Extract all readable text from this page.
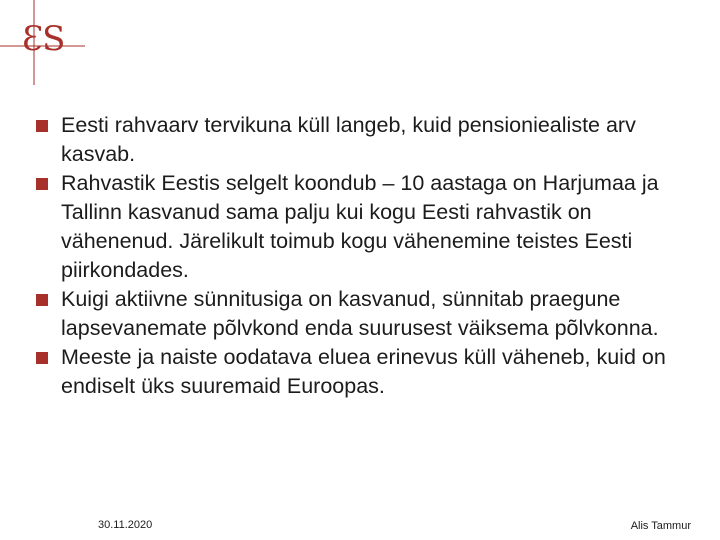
ƐS
Eesti rahvaarv tervikuna küll langeb, kuid pensioniealiste arv kasvab.
Rahvastik Eestis selgelt koondub – 10 aastaga on Harjumaa ja Tallinn kasvanud sama palju kui kogu Eesti rahvastik on vähenenud. Järelikult toimub kogu vähenemine teistes Eesti piirkondades.
Kuigi aktiivne sünnitusiga on kasvanud, sünnitab praegune lapsevanemate põlvkond enda suurusest väiksema põlvkonna.
Meeste ja naiste oodatava eluea erinevus küll väheneb, kuid on endiselt üks suuremaid Euroopas.
30.11.2020	Alis Tammur
